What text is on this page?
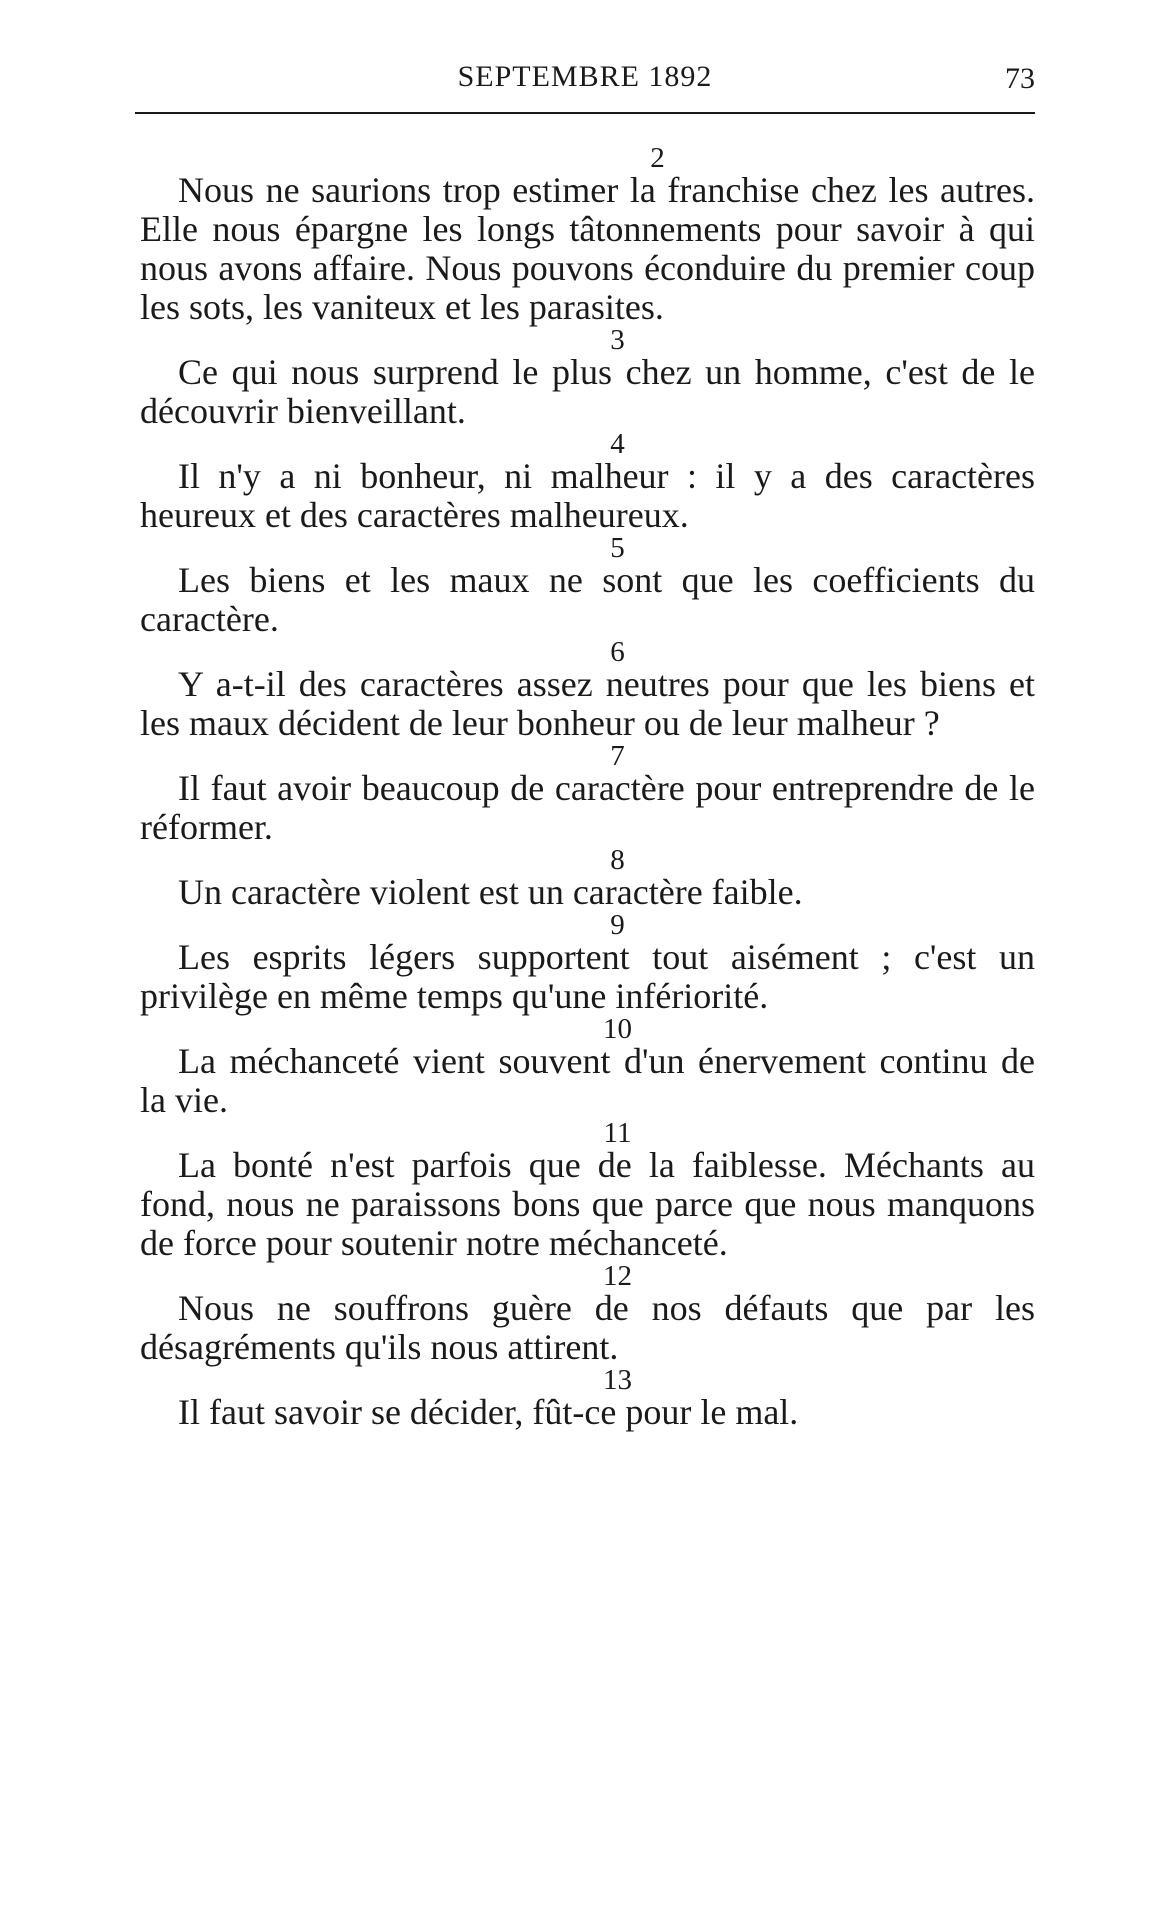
SEPTEMBRE 1892	73
2

Nous ne saurions trop estimer la franchise chez les autres. Elle nous épargne les longs tâtonnements pour savoir à qui nous avons affaire. Nous pouvons éconduire du premier coup les sots, les vaniteux et les parasites.

3

Ce qui nous surprend le plus chez un homme, c'est de le découvrir bienveillant.

4

Il n'y a ni bonheur, ni malheur : il y a des caractères heureux et des caractères malheureux.

5

Les biens et les maux ne sont que les coefficients du caractère.

6

Y a-t-il des caractères assez neutres pour que les biens et les maux décident de leur bonheur ou de leur malheur ?

7

Il faut avoir beaucoup de caractère pour entreprendre de le réformer.

8

Un caractère violent est un caractère faible.

9

Les esprits légers supportent tout aisément ; c'est un privilège en même temps qu'une infériorité.

10

La méchanceté vient souvent d'un énervement continu de la vie.

11

La bonté n'est parfois que de la faiblesse. Méchants au fond, nous ne paraissons bons que parce que nous manquons de force pour soutenir notre méchanceté.

12

Nous ne souffrons guère de nos défauts que par les désagréments qu'ils nous attirent.

13

Il faut savoir se décider, fût-ce pour le mal.
